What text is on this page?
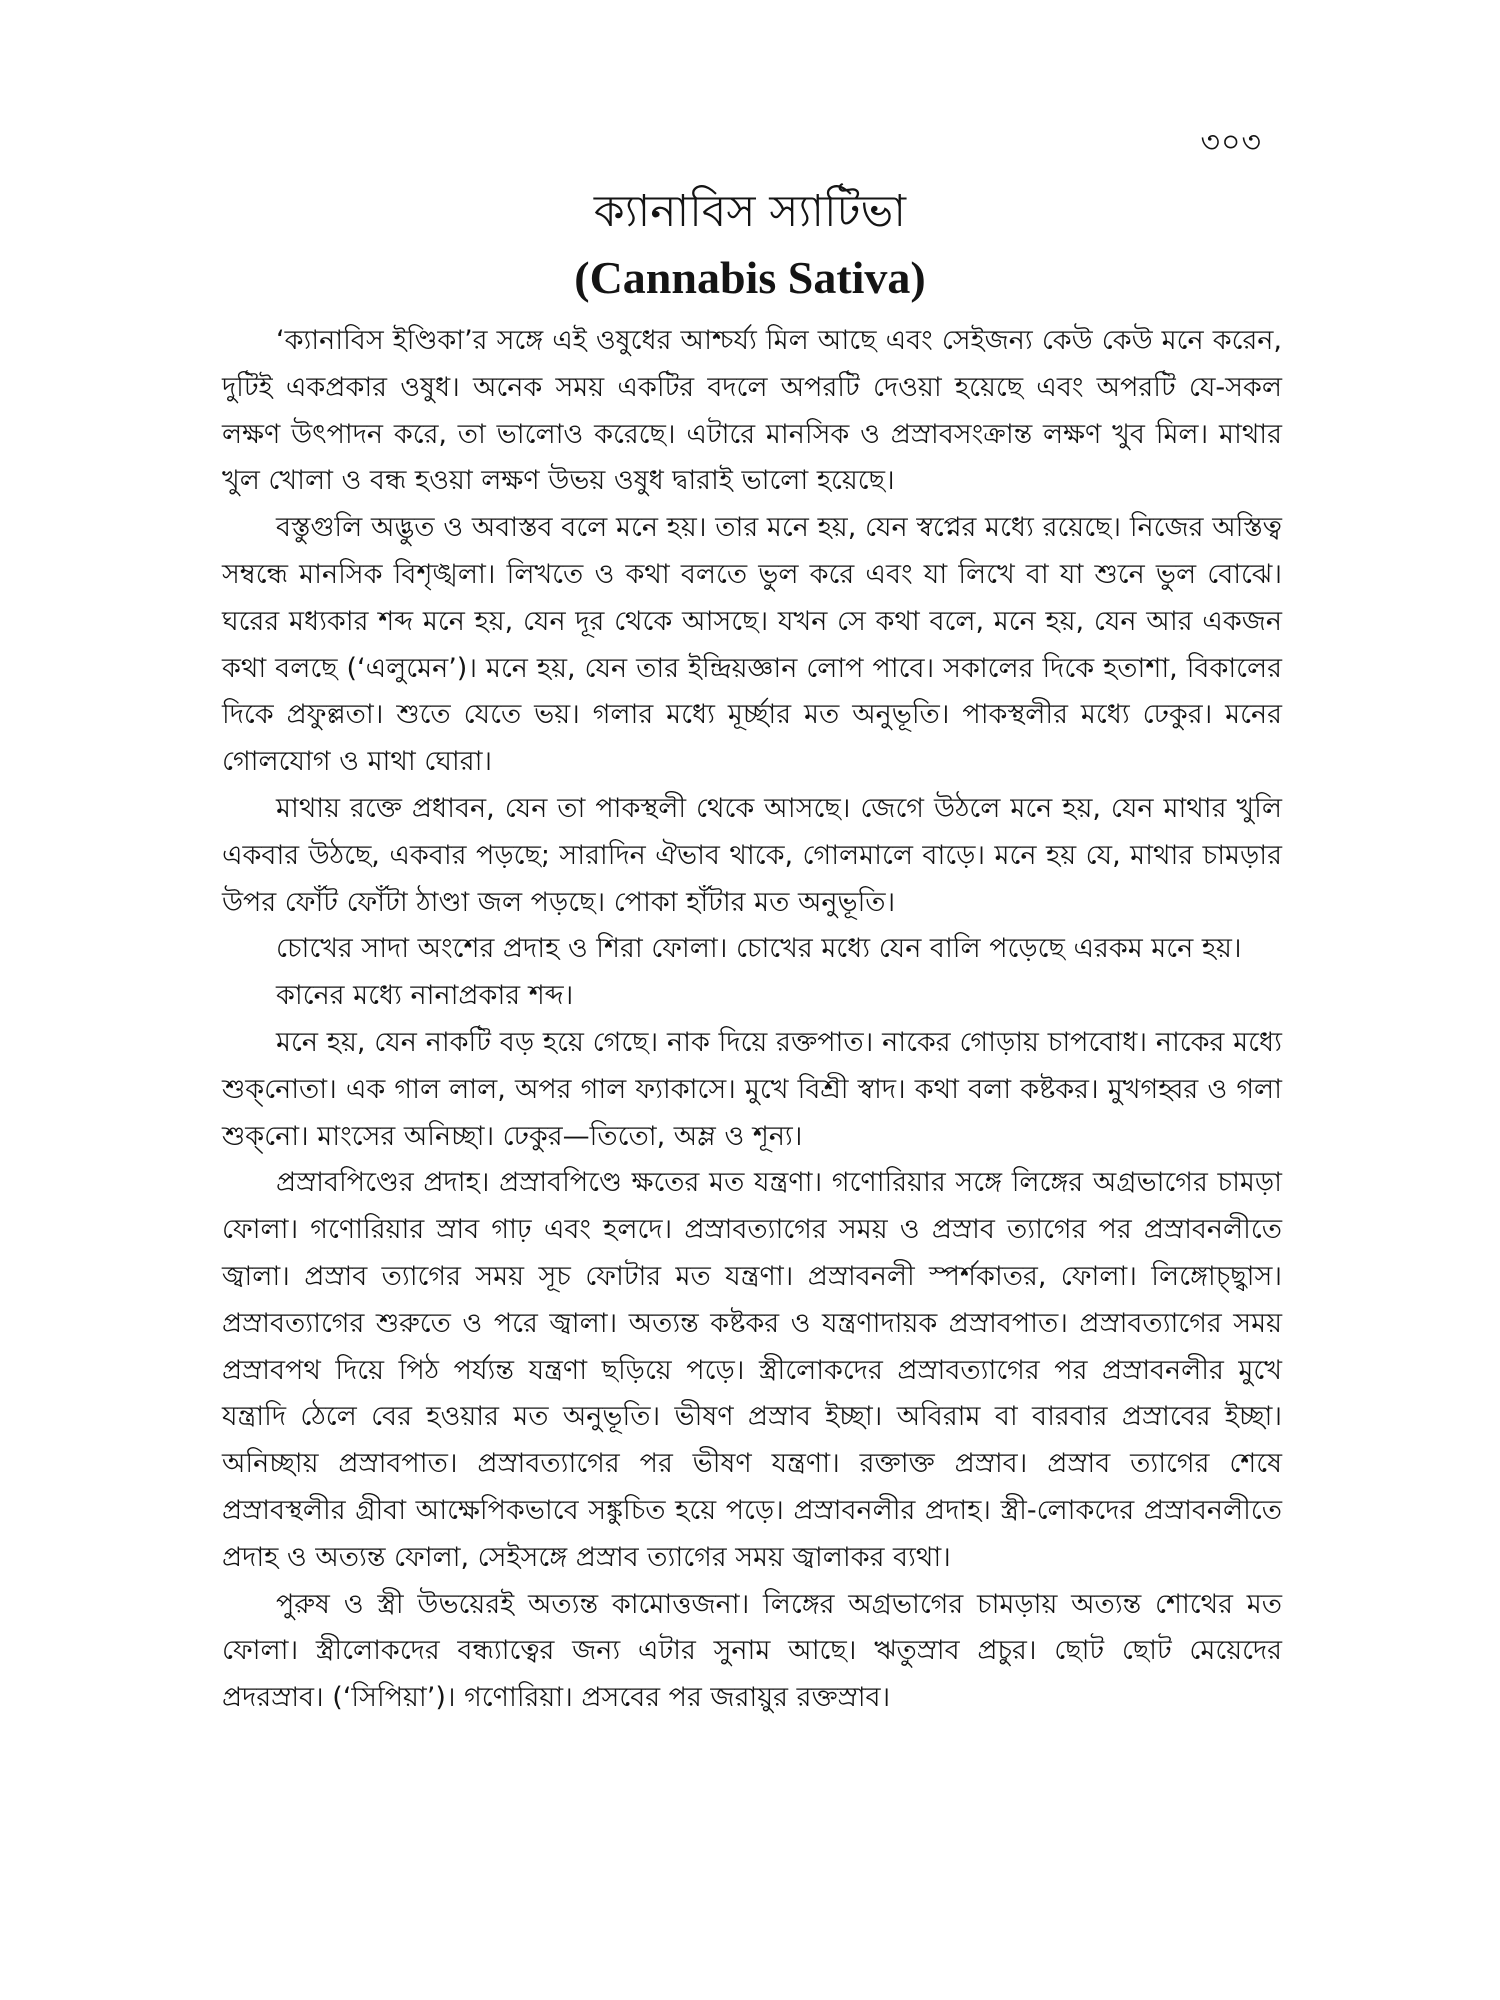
৩০৩
ক্যানাবিস স্যাটিভা
(Cannabis Sativa)

‘ক্যানাবিস ইণ্ডিকা’র সঙ্গে এই ওষুধের আশ্চর্য্য মিল আছে এবং সেইজন্য কেউ কেউ মনে করেন, দুটিই একপ্রকার ওষুধ। অনেক সময় একটির বদলে অপরটি দেওয়া হয়েছে এবং অপরটি যে-সকল লক্ষণ উৎপাদন করে, তা ভালোও করেছে। এটারে মানসিক ও প্রস্রাবসংক্রান্ত লক্ষণ খুব মিল। মাথার খুল খোলা ও বন্ধ হওয়া লক্ষণ উভয় ওষুধ দ্বারাই ভালো হয়েছে।

বস্তুগুলি অদ্ভুত ও অবাস্তব বলে মনে হয়। তার মনে হয়, যেন স্বপ্নের মধ্যে রয়েছে। নিজের অস্তিত্ব সম্বন্ধে মানসিক বিশৃঙ্খলা। লিখতে ও কথা বলতে ভুল করে এবং যা লিখে বা যা শুনে ভুল বোঝে। ঘরের মধ্যকার শব্দ মনে হয়, যেন দূর থেকে আসছে। যখন সে কথা বলে, মনে হয়, যেন আর একজন কথা বলছে (‘এলুমেন’)। মনে হয়, যেন তার ইন্দ্রিয়জ্ঞান লোপ পাবে। সকালের দিকে হতাশা, বিকালের দিকে প্রফুল্লতা। শুতে যেতে ভয়। গলার মধ্যে মূর্চ্ছার মত অনুভূতি। পাকস্থলীর মধ্যে ঢেকুর। মনের গোলযোগ ও মাথা ঘোরা।

মাথায় রক্তে প্রধাবন, যেন তা পাকস্থলী থেকে আসছে। জেগে উঠলে মনে হয়, যেন মাথার খুলি একবার উঠছে, একবার পড়ছে; সারাদিন ঐভাব থাকে, গোলমালে বাড়ে। মনে হয় যে, মাথার চামড়ার উপর ফোঁট ফোঁটা ঠাণ্ডা জল পড়ছে। পোকা হাঁটার মত অনুভূতি।

চোখের সাদা অংশের প্রদাহ ও শিরা ফোলা। চোখের মধ্যে যেন বালি পড়েছে এরকম মনে হয়।

কানের মধ্যে নানাপ্রকার শব্দ।

মনে হয়, যেন নাকটি বড় হয়ে গেছে। নাক দিয়ে রক্তপাত। নাকের গোড়ায় চাপবোধ। নাকের মধ্যে শুক্‌নোতা। এক গাল লাল, অপর গাল ফ্যাকাসে। মুখে বিশ্রী স্বাদ। কথা বলা কষ্টকর। মুখগহ্বর ও গলা শুক্‌নো। মাংসের অনিচ্ছা। ঢেকুর—তিতো, অম্ল ও শূন্য।

প্রস্রাবপিণ্ডের প্রদাহ। প্রস্রাবপিণ্ডে ক্ষতের মত যন্ত্রণা। গণোরিয়ার সঙ্গে লিঙ্গের অগ্রভাগের চামড়া ফোলা। গণোরিয়ার স্রাব গাঢ় এবং হলদে। প্রস্রাবত্যাগের সময় ও প্রস্রাব ত্যাগের পর প্রস্রাবনলীতে জ্বালা। প্রস্রাব ত্যাগের সময় সূচ ফোটার মত যন্ত্রণা। প্রস্রাবনলী স্পর্শকাতর, ফোলা। লিঙ্গোচ্ছ্বাস। প্রস্রাবত্যাগের শুরুতে ও পরে জ্বালা। অত্যন্ত কষ্টকর ও যন্ত্রণাদায়ক প্রস্রাবপাত। প্রস্রাবত্যাগের সময় প্রস্রাবপথ দিয়ে পিঠ পর্য্যন্ত যন্ত্রণা ছড়িয়ে পড়ে। স্ত্রীলোকদের প্রস্রাবত্যাগের পর প্রস্রাবনলীর মুখে যন্ত্রাদি ঠেলে বের হওয়ার মত অনুভূতি। ভীষণ প্রস্রাব ইচ্ছা। অবিরাম বা বারবার প্রস্রাবের ইচ্ছা। অনিচ্ছায় প্রস্রাবপাত। প্রস্রাবত্যাগের পর ভীষণ যন্ত্রণা। রক্তাক্ত প্রস্রাব। প্রস্রাব ত্যাগের শেষে প্রস্রাবস্থলীর গ্রীবা আক্ষেপিকভাবে সঙ্কুচিত হয়ে পড়ে। প্রস্রাবনলীর প্রদাহ। স্ত্রী-লোকদের প্রস্রাবনলীতে প্রদাহ ও অত্যন্ত ফোলা, সেইসঙ্গে প্রস্রাব ত্যাগের সময় জ্বালাকর ব্যথা।

পুরুষ ও স্ত্রী উভয়েরই অত্যন্ত কামোত্তজনা। লিঙ্গের অগ্রভাগের চামড়ায় অত্যন্ত শোথের মত ফোলা। স্ত্রীলোকদের বন্ধ্যাত্বের জন্য এটার সুনাম আছে। ঋতুস্রাব প্রচুর। ছোট ছোট মেয়েদের প্রদরস্রাব। (‘সিপিয়া’)। গণোরিয়া। প্রসবের পর জরায়ুর রক্তস্রাব।
